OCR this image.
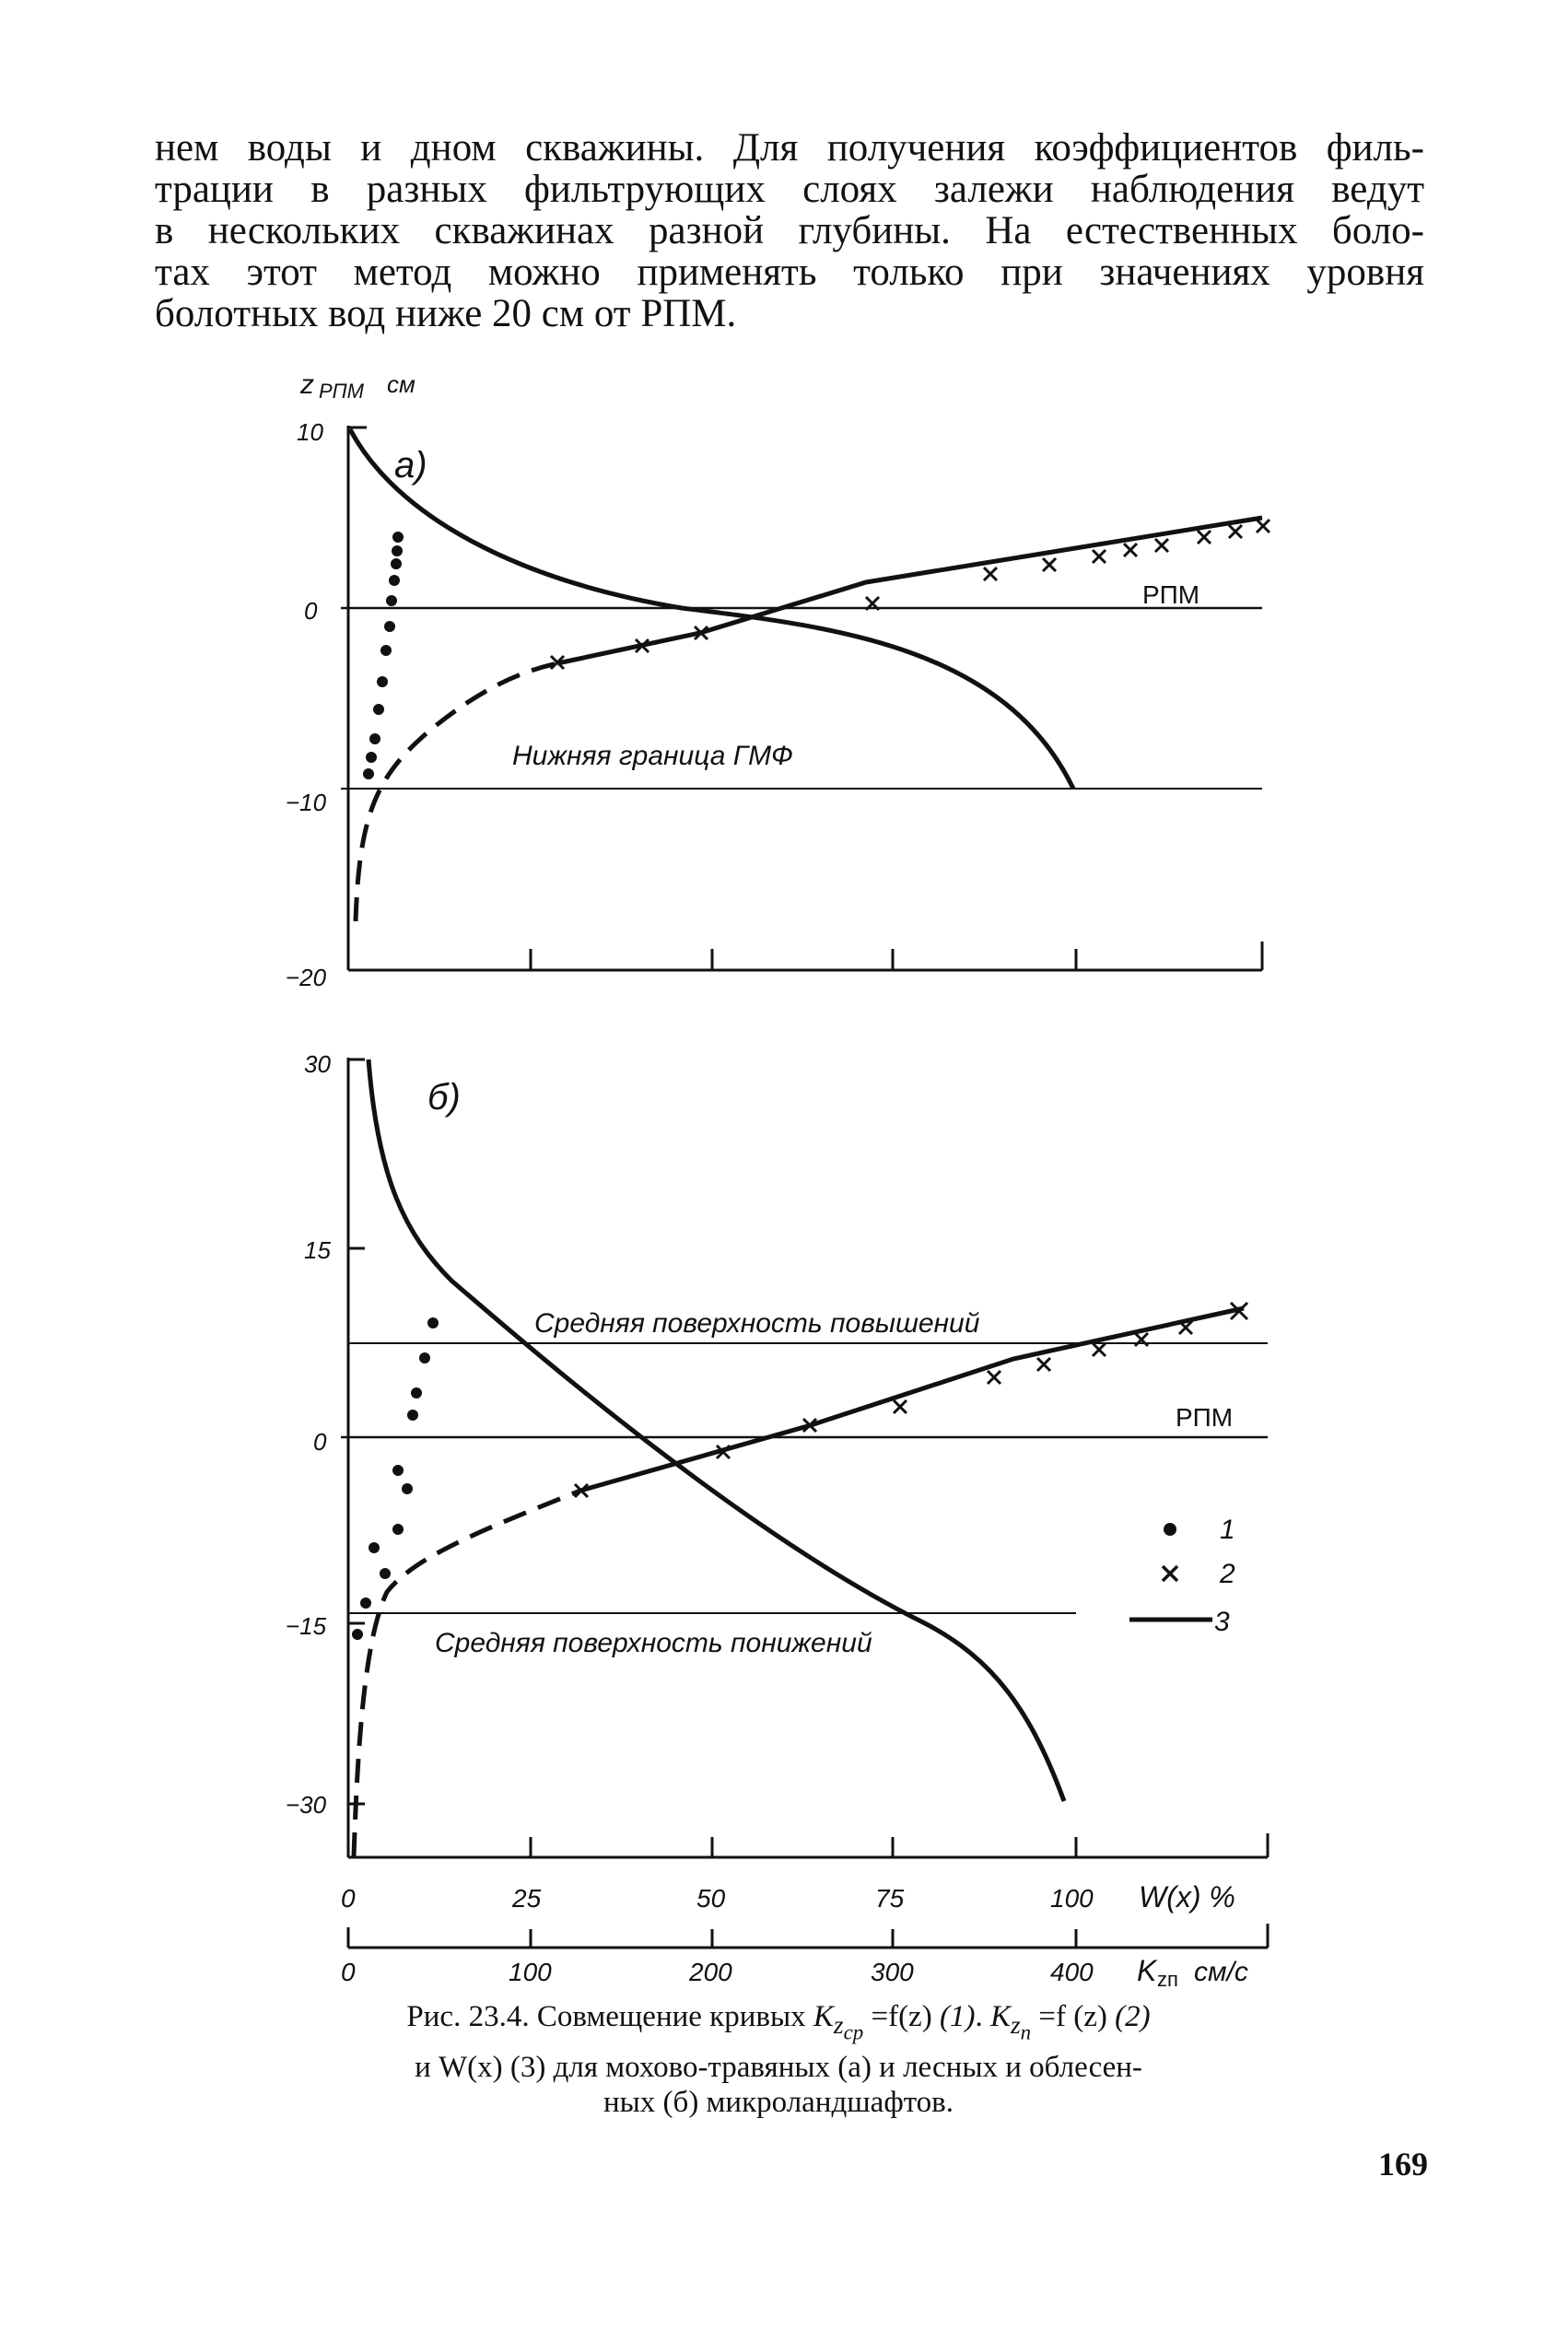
нем воды и дном скважины. Для получения коэффициентов филь-
трации в разных фильтрующих слоях залежи наблюдения ведут
в нескольких скважинах разной глубины. На естественных боло-
тах этот метод можно применять только при значениях уровня
болотных вод ниже 20 см от РПМ.
z РПМ см
10
0
−10
−20
а)
РПМ
Нижняя граница ГМФ
30
15
0
−15
−30
б)
Средняя поверхность повышений
РПМ
Средняя поверхность понижений
1
2
3
0	25	50	75	100 W(x) %
0	100	200	300	400 K zп см/с
Рис. 23.4. Совмещение кривых $K_{z_{ср}} =f(z)$ (1). $K_{z_п} =f$ (z) (2)
и W(x) (3) для мохово-травяных (а) и лесных и облесен-
ных (б) микроландшафтов.
169
